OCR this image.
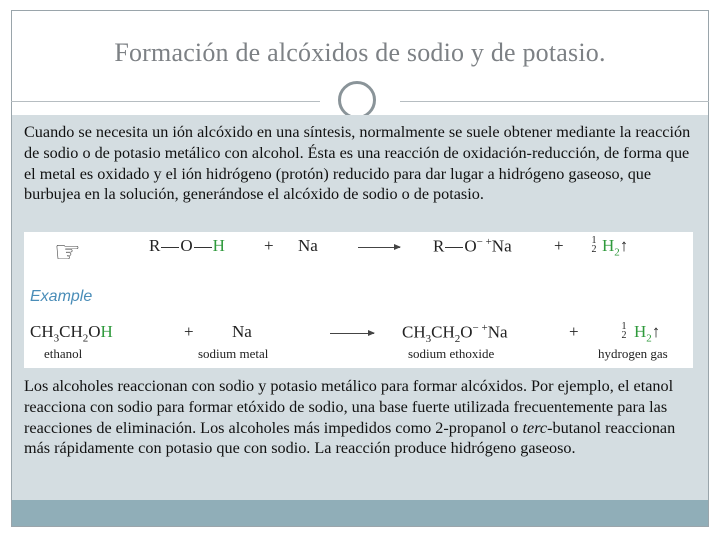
Formación de alcóxidos de sodio y de potasio.
Cuando se necesita un ión alcóxido en una síntesis, normalmente se suele obtener mediante la reacción de sodio o de potasio metálico con alcohol. Ésta es una reacción de oxidación-reducción, de forma que el metal es oxidado y el ión hidrógeno (protón) reducido para dar lugar a hidrógeno gaseoso, que burbujea en la solución, generándose el alcóxido de sodio o de potasio.
☞	R O H + Na	R O− +Na +	1
2 $H_2↑$
Example
$CH_3CH_2OH$	+ Na	$CH_3CH_2O^{- +}Na$	+	1
2 $H_2↑$
ethanol	sodium metal	sodium ethoxide	hydrogen gas
Los alcoholes reaccionan con sodio y potasio metálico para formar alcóxidos. Por ejemplo, el etanol reacciona con sodio para formar etóxido de sodio, una base fuerte utilizada frecuentemente para las reacciones de eliminación. Los alcoholes más impedidos como 2-propanol o terc-butanol reaccionan más rápidamente con potasio que con sodio. La reacción produce hidrógeno gaseoso.
